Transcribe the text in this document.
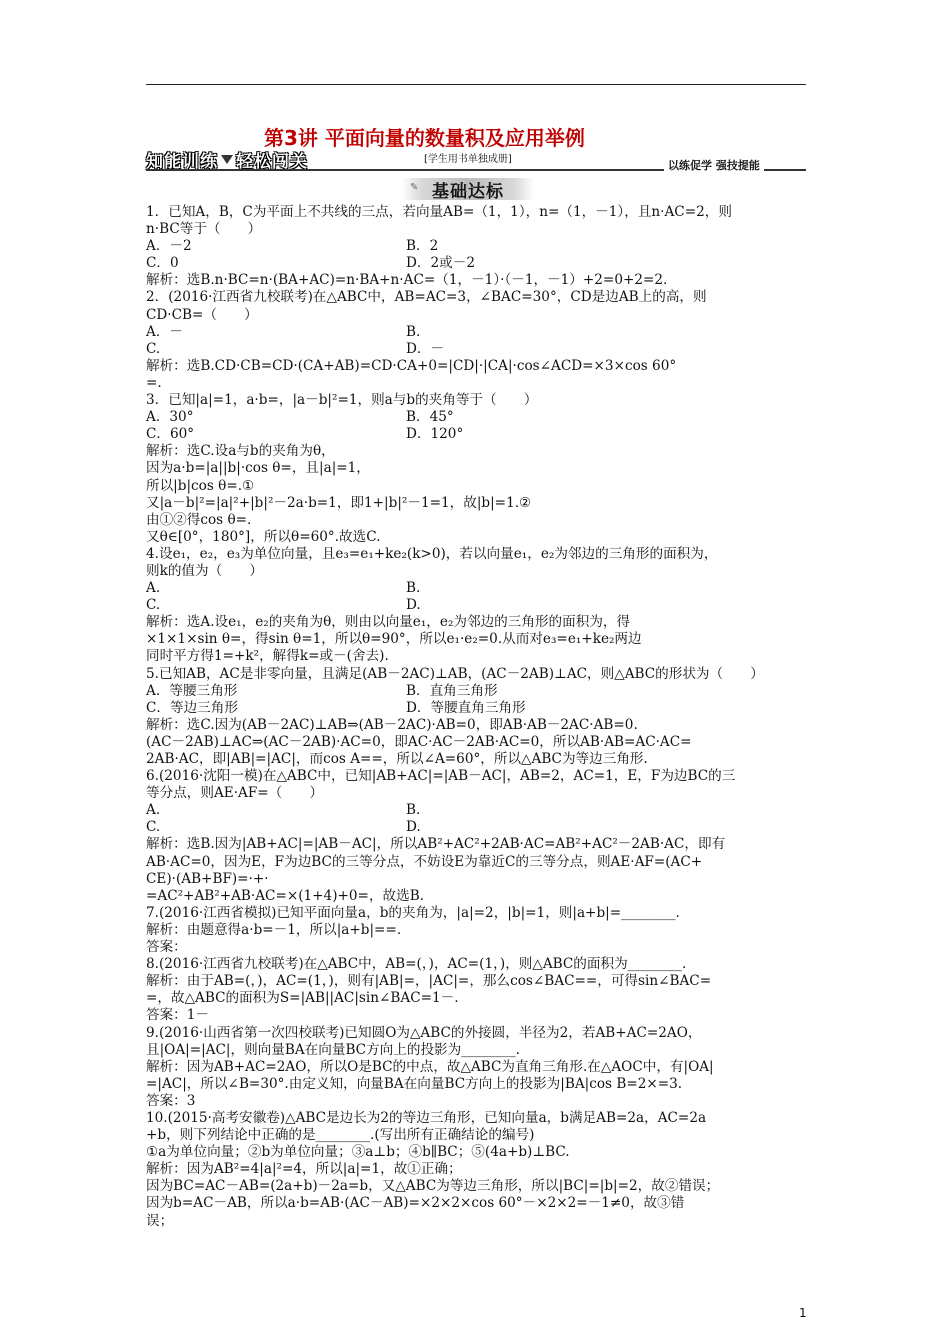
第3讲 平面向量的数量积及应用举例
知能训练 轻松闯关	[学生用书单独成册]	以练促学 强技提能
✎ 基础达标
1．已知A，B，C为平面上不共线的三点，若向量AB=（1，1），n=（1，－1），且n·AC=2，则
n·BC等于（　　）
A．－2	B．2
C．0	D．2或－2
解析：选B.n·BC=n·(BA+AC)=n·BA+n·AC=（1，－1）·（－1，－1）+2=0+2=2.
2．(2016·江西省九校联考)在△ABC中，AB=AC=3，∠BAC=30°，CD是边AB上的高，则
CD·CB=（　　）
A．－	B.
C.	D．－
解析：选B.CD·CB=CD·(CA+AB)=CD·CA+0=|CD|·|CA|·cos∠ACD=×3×cos 60°
=.
3．已知|a|=1，a·b=，|a－b|²=1，则a与b的夹角等于（　　）
A．30°	B．45°
C．60°	D．120°
解析：选C.设a与b的夹角为θ，
因为a·b=|a||b|·cos θ=，且|a|=1，
所以|b|cos θ=.①
又|a－b|²=|a|²+|b|²－2a·b=1，即1+|b|²－1=1，故|b|=1.②
由①②得cos θ=.
又θ∈[0°，180°]，所以θ=60°.故选C.
4.设e₁，e₂，e₃为单位向量，且e₃=e₁+ke₂(k>0)，若以向量e₁，e₂为邻边的三角形的面积为，
则k的值为（　　）
A.	B.
C.	D.
解析：选A.设e₁，e₂的夹角为θ，则由以向量e₁，e₂为邻边的三角形的面积为，得
×1×1×sin θ=，得sin θ=1，所以θ=90°，所以e₁·e₂=0.从而对e₃=e₁+ke₂两边
同时平方得1=+k²，解得k=或－(舍去).
5.已知AB，AC是非零向量，且满足(AB－2AC)⊥AB，(AC－2AB)⊥AC，则△ABC的形状为（　　）
A．等腰三角形	B．直角三角形
C．等边三角形	D．等腰直角三角形
解析：选C.因为(AB－2AC)⊥AB⇒(AB－2AC)·AB=0，即AB·AB－2AC·AB=0.
(AC－2AB)⊥AC⇒(AC－2AB)·AC=0，即AC·AC－2AB·AC=0，所以AB·AB=AC·AC=
2AB·AC，即|AB|=|AC|，而cos A==，所以∠A=60°，所以△ABC为等边三角形.
6.(2016·沈阳一模)在△ABC中，已知|AB+AC|=|AB－AC|，AB=2，AC=1，E，F为边BC的三
等分点，则AE·AF=（　　）
A.	B.
C.	D.
解析：选B.因为|AB+AC|=|AB－AC|，所以AB²+AC²+2AB·AC=AB²+AC²－2AB·AC，即有
AB·AC=0，因为E，F为边BC的三等分点，不妨设E为靠近C的三等分点，则AE·AF=(AC+
CE)·(AB+BF)=·+·
=AC²+AB²+AB·AC=×(1+4)+0=，故选B.
7.(2016·江西省模拟)已知平面向量a，b的夹角为，|a|=2，|b|=1，则|a+b|=________.
解析：由题意得a·b=－1，所以|a+b|==.
答案：
8.(2016·江西省九校联考)在△ABC中，AB=(，)，AC=(1，)，则△ABC的面积为________.
解析：由于AB=(，)，AC=(1，)，则有|AB|=，|AC|=，那么cos∠BAC==，可得sin∠BAC=
=，故△ABC的面积为S=|AB||AC|sin∠BAC=1－.
答案：1－
9.(2016·山西省第一次四校联考)已知圆O为△ABC的外接圆，半径为2，若AB+AC=2AO，
且|OA|=|AC|，则向量BA在向量BC方向上的投影为________.
解析：因为AB+AC=2AO，所以O是BC的中点，故△ABC为直角三角形.在△AOC中，有|OA|
=|AC|，所以∠B=30°.由定义知，向量BA在向量BC方向上的投影为|BA|cos B=2×=3.
答案：3
10.(2015·高考安徽卷)△ABC是边长为2的等边三角形，已知向量a，b满足AB=2a，AC=2a
+b，则下列结论中正确的是________.(写出所有正确结论的编号)
①a为单位向量；②b为单位向量；③a⊥b；④b∥BC；⑤(4a+b)⊥BC.
解析：因为AB²=4|a|²=4，所以|a|=1，故①正确；
因为BC=AC－AB=(2a+b)－2a=b，又△ABC为等边三角形，所以|BC|=|b|=2，故②错误；
因为b=AC－AB，所以a·b=AB·(AC－AB)=×2×2×cos 60°－×2×2=－1≠0，故③错
误；
1
